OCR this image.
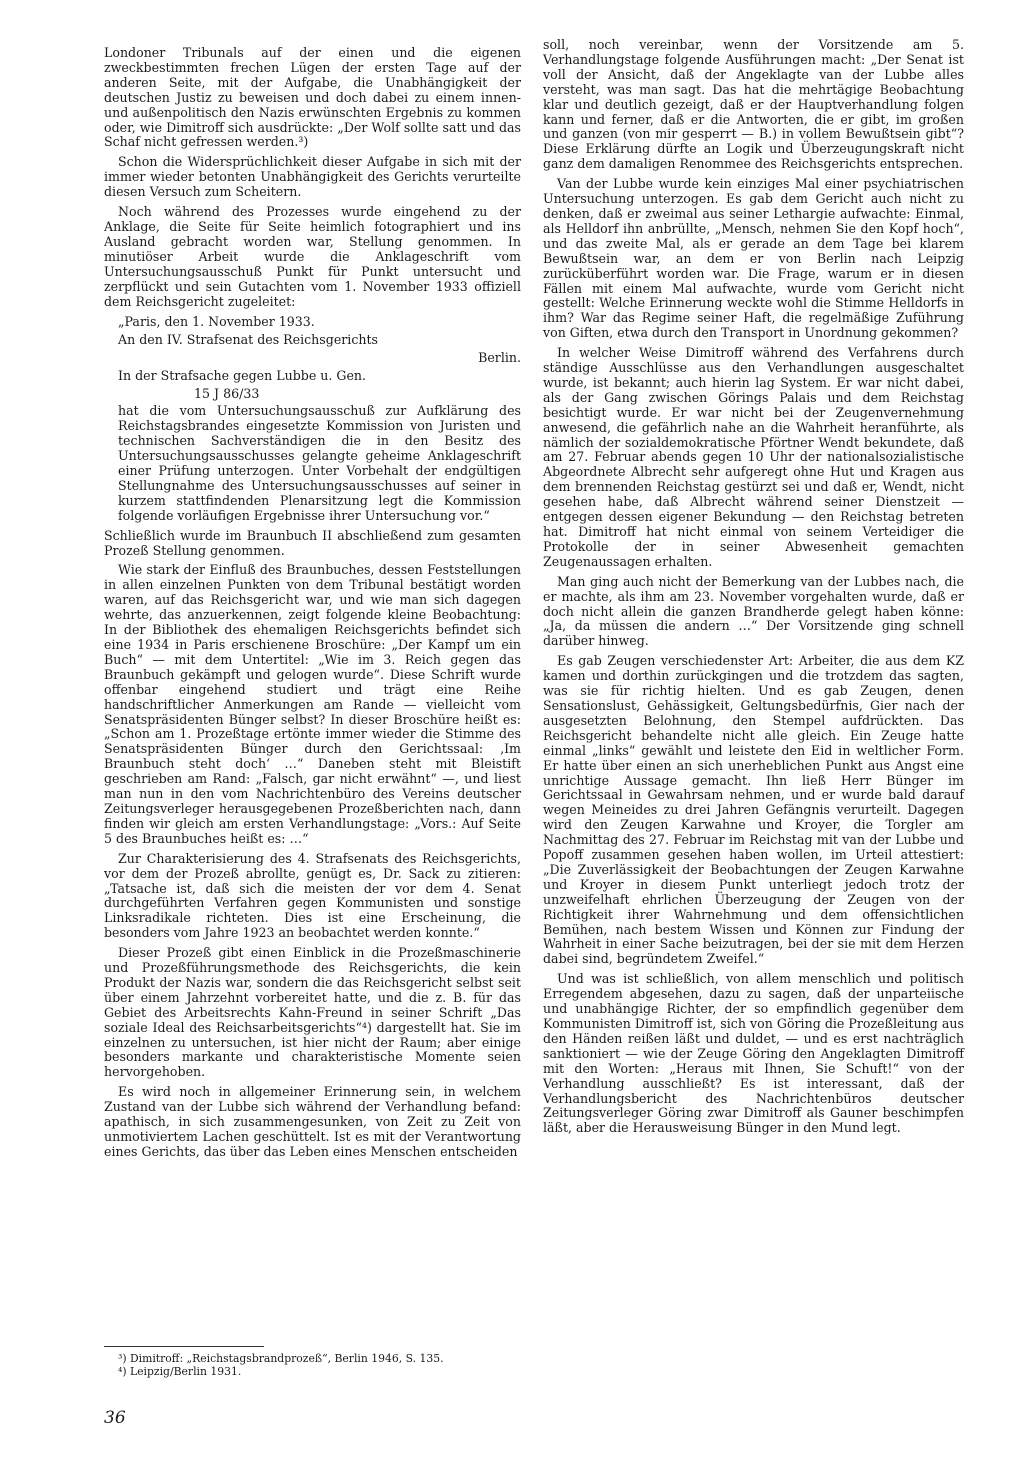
Londoner Tribunals auf der einen und die eigenen zweckbestimmten frechen Lügen der ersten Tage auf der anderen Seite, mit der Aufgabe, die Unabhängigkeit der deutschen Justiz zu beweisen und doch dabei zu einem innen- und außenpolitisch den Nazis erwünschten Ergebnis zu kommen oder, wie Dimitroff sich ausdrückte: „Der Wolf sollte satt und das Schaf nicht gefressen werden.³)

Schon die Widersprüchlichkeit dieser Aufgabe in sich mit der immer wieder betonten Unabhängigkeit des Gerichts verurteilte diesen Versuch zum Scheitern.

Noch während des Prozesses wurde eingehend zu der Anklage, die Seite für Seite heimlich fotographiert und ins Ausland gebracht worden war, Stellung genommen. In minutiöser Arbeit wurde die Anklageschrift vom Untersuchungsausschuß Punkt für Punkt untersucht und zerpflückt und sein Gutachten vom 1. November 1933 offiziell dem Reichsgericht zugeleitet:

„Paris, den 1. November 1933.

An den IV. Strafsenat des Reichsgerichts

Berlin.

In der Strafsache gegen Lubbe u. Gen.

15 J 86/33

hat die vom Untersuchungsausschuß zur Aufklärung des Reichstagsbrandes eingesetzte Kommission von Juristen und technischen Sachverständigen die in den Besitz des Untersuchungsausschusses gelangte geheime Anklageschrift einer Prüfung unterzogen. Unter Vorbehalt der endgültigen Stellungnahme des Untersuchungsausschusses auf seiner in kurzem stattfindenden Plenarsitzung legt die Kommission folgende vorläufigen Ergebnisse ihrer Untersuchung vor.“

Schließlich wurde im Braunbuch II abschließend zum gesamten Prozeß Stellung genommen.

Wie stark der Einfluß des Braunbuches, dessen Feststellungen in allen einzelnen Punkten von dem Tribunal bestätigt worden waren, auf das Reichsgericht war, und wie man sich dagegen wehrte, das anzuerkennen, zeigt folgende kleine Beobachtung: In der Bibliothek des ehemaligen Reichsgerichts befindet sich eine 1934 in Paris erschienene Broschüre: „Der Kampf um ein Buch“ — mit dem Untertitel: „Wie im 3. Reich gegen das Braunbuch gekämpft und gelogen wurde“. Diese Schrift wurde offenbar eingehend studiert und trägt eine Reihe handschriftlicher Anmerkungen am Rande — vielleicht vom Senatspräsidenten Bünger selbst? In dieser Broschüre heißt es: „Schon am 1. Prozeßtage ertönte immer wieder die Stimme des Senatspräsidenten Bünger durch den Gerichtssaal: ‚Im Braunbuch steht doch‘ …“ Daneben steht mit Bleistift geschrieben am Rand: „Falsch, gar nicht erwähnt“ —, und liest man nun in den vom Nachrichtenbüro des Vereins deutscher Zeitungsverleger herausgegebenen Prozeßberichten nach, dann finden wir gleich am ersten Verhandlungstage: „Vors.: Auf Seite 5 des Braunbuches heißt es: …“

Zur Charakterisierung des 4. Strafsenats des Reichsgerichts, vor dem der Prozeß abrollte, genügt es, Dr. Sack zu zitieren: „Tatsache ist, daß sich die meisten der vor dem 4. Senat durchgeführten Verfahren gegen Kommunisten und sonstige Linksradikale richteten. Dies ist eine Erscheinung, die besonders vom Jahre 1923 an beobachtet werden konnte.“

Dieser Prozeß gibt einen Einblick in die Prozeßmaschinerie und Prozeßführungsmethode des Reichsgerichts, die kein Produkt der Nazis war, sondern die das Reichsgericht selbst seit über einem Jahrzehnt vorbereitet hatte, und die z. B. für das Gebiet des Arbeitsrechts Kahn-Freund in seiner Schrift „Das soziale Ideal des Reichsarbeitsgerichts“⁴) dargestellt hat. Sie im einzelnen zu untersuchen, ist hier nicht der Raum; aber einige besonders markante und charakteristische Momente seien hervorgehoben.

Es wird noch in allgemeiner Erinnerung sein, in welchem Zustand van der Lubbe sich während der Verhandlung befand: apathisch, in sich zusammengesunken, von Zeit zu Zeit von unmotiviertem Lachen geschüttelt. Ist es mit der Verantwortung eines Gerichts, das über das Leben eines Menschen entscheiden

soll, noch vereinbar, wenn der Vorsitzende am 5. Verhandlungstage folgende Ausführungen macht: „Der Senat ist voll der Ansicht, daß der Angeklagte van der Lubbe alles versteht, was man sagt. Das hat die mehrtägige Beobachtung klar und deutlich gezeigt, daß er der Hauptverhandlung folgen kann und ferner, daß er die Antworten, die er gibt, im großen und ganzen (von mir gesperrt — B.) in vollem Bewußtsein gibt“? Diese Erklärung dürfte an Logik und Überzeugungskraft nicht ganz dem damaligen Renommee des Reichsgerichts entsprechen.

Van der Lubbe wurde kein einziges Mal einer psychiatrischen Untersuchung unterzogen. Es gab dem Gericht auch nicht zu denken, daß er zweimal aus seiner Lethargie aufwachte: Einmal, als Helldorf ihn anbrüllte, „Mensch, nehmen Sie den Kopf hoch“, und das zweite Mal, als er gerade an dem Tage bei klarem Bewußtsein war, an dem er von Berlin nach Leipzig zurücküberführt worden war. Die Frage, warum er in diesen Fällen mit einem Mal aufwachte, wurde vom Gericht nicht gestellt: Welche Erinnerung weckte wohl die Stimme Helldorfs in ihm? War das Regime seiner Haft, die regelmäßige Zuführung von Giften, etwa durch den Transport in Unordnung gekommen?

In welcher Weise Dimitroff während des Verfahrens durch ständige Ausschlüsse aus den Verhandlungen ausgeschaltet wurde, ist bekannt; auch hierin lag System. Er war nicht dabei, als der Gang zwischen Görings Palais und dem Reichstag besichtigt wurde. Er war nicht bei der Zeugenvernehmung anwesend, die gefährlich nahe an die Wahrheit heranführte, als nämlich der sozialdemokratische Pförtner Wendt bekundete, daß am 27. Februar abends gegen 10 Uhr der nationalsozialistische Abgeordnete Albrecht sehr aufgeregt ohne Hut und Kragen aus dem brennenden Reichstag gestürzt sei und daß er, Wendt, nicht gesehen habe, daß Albrecht während seiner Dienstzeit — entgegen dessen eigener Bekundung — den Reichstag betreten hat. Dimitroff hat nicht einmal von seinem Verteidiger die Protokolle der in seiner Abwesenheit gemachten Zeugenaussagen erhalten.

Man ging auch nicht der Bemerkung van der Lubbes nach, die er machte, als ihm am 23. November vorgehalten wurde, daß er doch nicht allein die ganzen Brandherde gelegt haben könne: „Ja, da müssen die andern …“ Der Vorsitzende ging schnell darüber hinweg.

Es gab Zeugen verschiedenster Art: Arbeiter, die aus dem KZ kamen und dorthin zurückgingen und die trotzdem das sagten, was sie für richtig hielten. Und es gab Zeugen, denen Sensationslust, Gehässigkeit, Geltungsbedürfnis, Gier nach der ausgesetzten Belohnung, den Stempel aufdrückten. Das Reichsgericht behandelte nicht alle gleich. Ein Zeuge hatte einmal „links“ gewählt und leistete den Eid in weltlicher Form. Er hatte über einen an sich unerheblichen Punkt aus Angst eine unrichtige Aussage gemacht. Ihn ließ Herr Bünger im Gerichtssaal in Gewahrsam nehmen, und er wurde bald darauf wegen Meineides zu drei Jahren Gefängnis verurteilt. Dagegen wird den Zeugen Karwahne und Kroyer, die Torgler am Nachmittag des 27. Februar im Reichstag mit van der Lubbe und Popoff zusammen gesehen haben wollen, im Urteil attestiert: „Die Zuverlässigkeit der Beobachtungen der Zeugen Karwahne und Kroyer in diesem Punkt unterliegt jedoch trotz der unzweifelhaft ehrlichen Überzeugung der Zeugen von der Richtigkeit ihrer Wahrnehmung und dem offensichtlichen Bemühen, nach bestem Wissen und Können zur Findung der Wahrheit in einer Sache beizutragen, bei der sie mit dem Herzen dabei sind, begründetem Zweifel.“

Und was ist schließlich, von allem menschlich und politisch Erregendem abgesehen, dazu zu sagen, daß der unparteiische und unabhängige Richter, der so empfindlich gegenüber dem Kommunisten Dimitroff ist, sich von Göring die Prozeßleitung aus den Händen reißen läßt und duldet, — und es erst nachträglich sanktioniert — wie der Zeuge Göring den Angeklagten Dimitroff mit den Worten: „Heraus mit Ihnen, Sie Schuft!“ von der Verhandlung ausschließt? Es ist interessant, daß der Verhandlungsbericht des Nachrichtenbüros deutscher Zeitungsverleger Göring zwar Dimitroff als Gauner beschimpfen läßt, aber die Herausweisung Bünger in den Mund legt.

³) Dimitroff: „Reichstagsbrandprozeß“, Berlin 1946, S. 135.

⁴) Leipzig/Berlin 1931.

36
